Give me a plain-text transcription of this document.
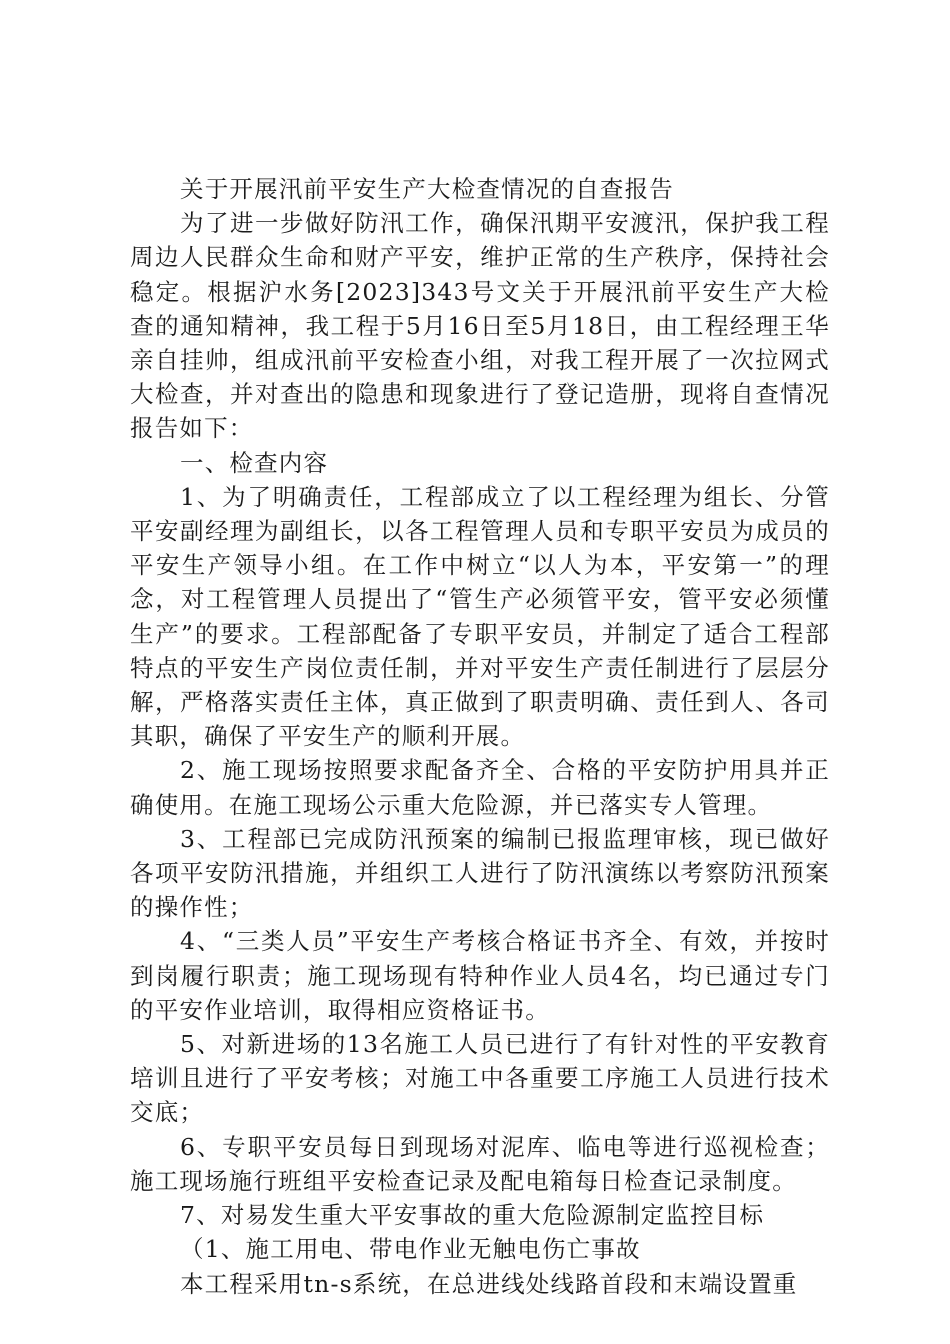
关于开展汛前平安生产大检查情况的自查报告

为了进一步做好防汛工作，确保汛期平安渡汛，保护我工程周边人民群众生命和财产平安，维护正常的生产秩序，保持社会稳定。根据沪水务[2023]343号文关于开展汛前平安生产大检查的通知精神，我工程于5月16日至5月18日，由工程经理王华亲自挂帅，组成汛前平安检查小组，对我工程开展了一次拉网式大检查，并对查出的隐患和现象进行了登记造册，现将自查情况报告如下：

一、检查内容

1、为了明确责任，工程部成立了以工程经理为组长、分管平安副经理为副组长，以各工程管理人员和专职平安员为成员的平安生产领导小组。在工作中树立“以人为本，平安第一”的理念，对工程管理人员提出了“管生产必须管平安，管平安必须懂生产”的要求。工程部配备了专职平安员，并制定了适合工程部特点的平安生产岗位责任制，并对平安生产责任制进行了层层分解，严格落实责任主体，真正做到了职责明确、责任到人、各司其职，确保了平安生产的顺利开展。

2、施工现场按照要求配备齐全、合格的平安防护用具并正确使用。在施工现场公示重大危险源，并已落实专人管理。

3、工程部已完成防汛预案的编制已报监理审核，现已做好各项平安防汛措施，并组织工人进行了防汛演练以考察防汛预案的操作性；

4、“三类人员”平安生产考核合格证书齐全、有效，并按时到岗履行职责；施工现场现有特种作业人员4名，均已通过专门的平安作业培训，取得相应资格证书。

5、对新进场的13名施工人员已进行了有针对性的平安教育培训且进行了平安考核；对施工中各重要工序施工人员进行技术交底；

6、专职平安员每日到现场对泥库、临电等进行巡视检查；施工现场施行班组平安检查记录及配电箱每日检查记录制度。

7、对易发生重大平安事故的重大危险源制定监控目标

（1、施工用电、带电作业无触电伤亡事故

本工程采用tn-s系统，在总进线处线路首段和末端设置重
